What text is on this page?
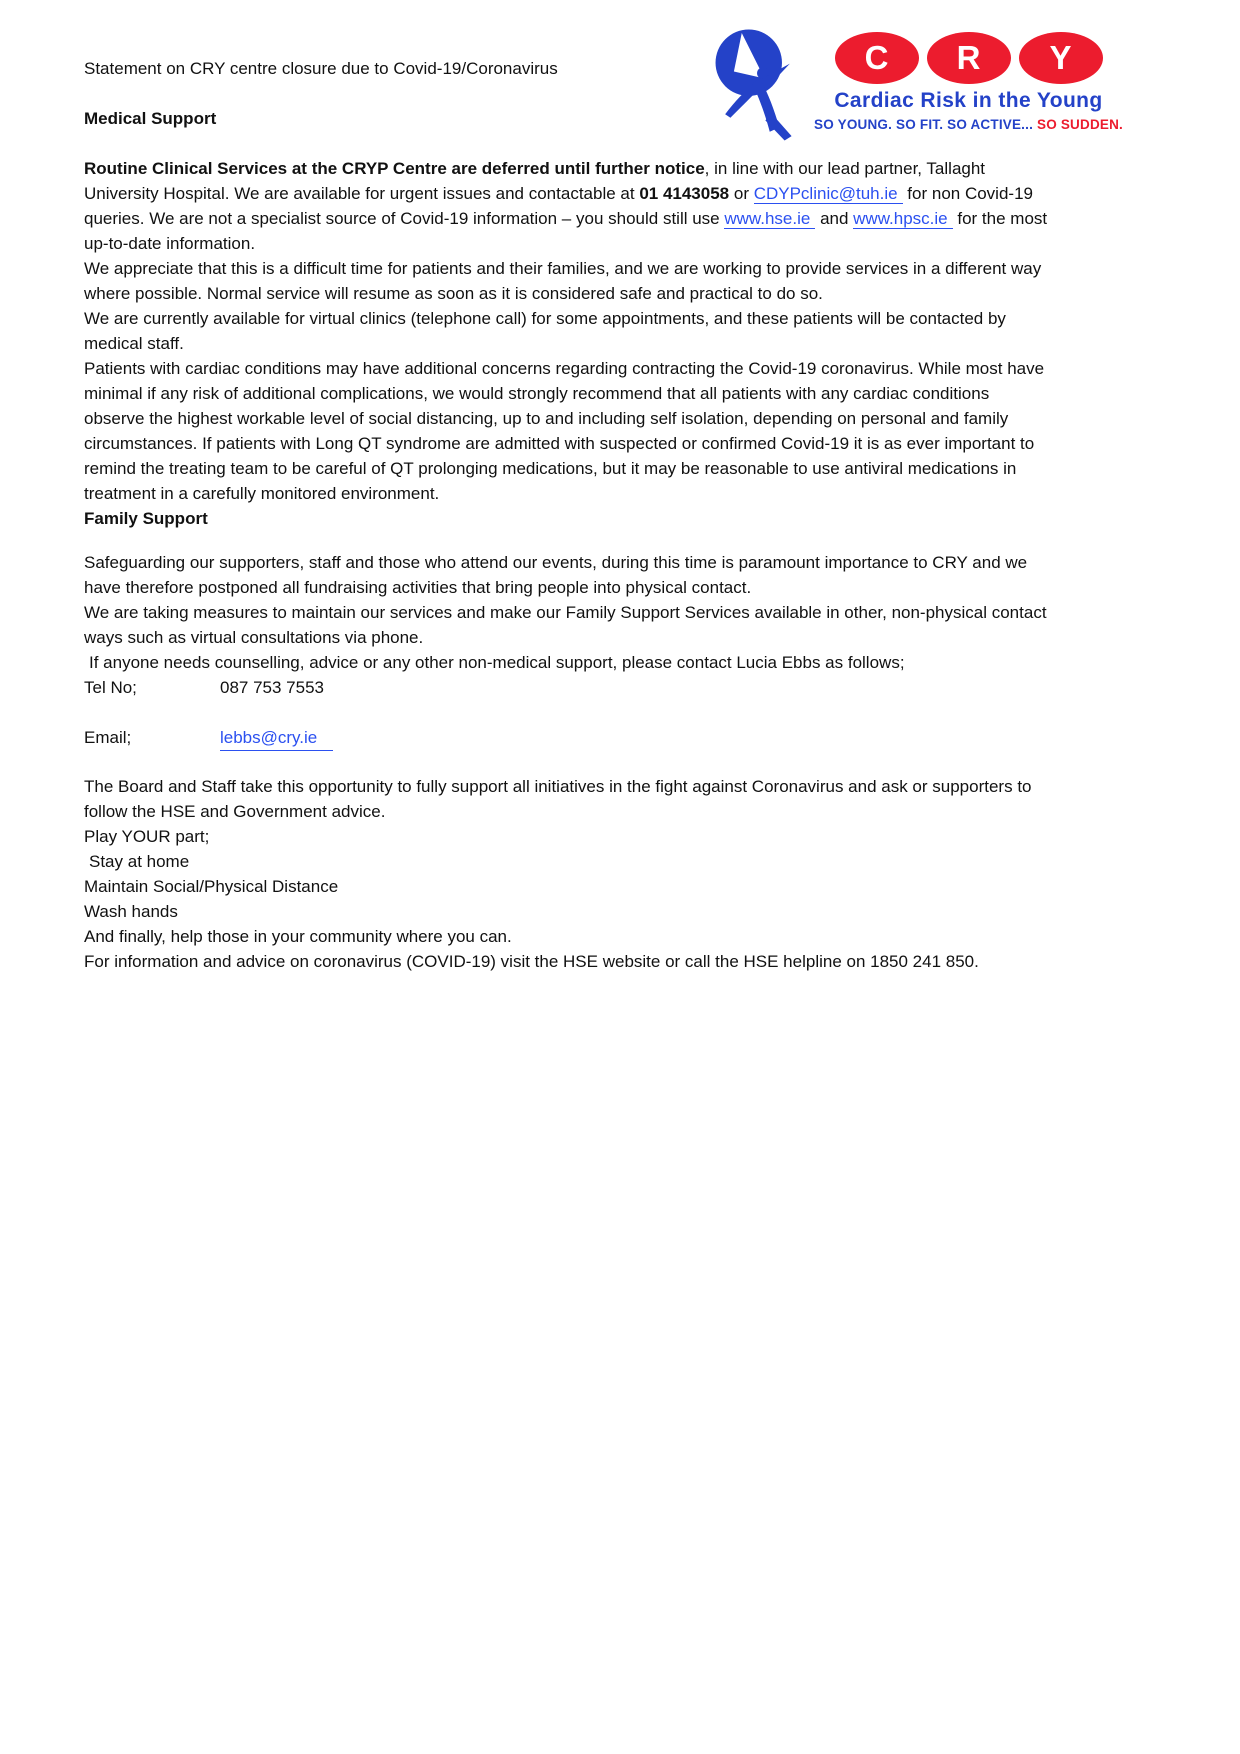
Statement on CRY centre closure due to Covid-19/Coronavirus	C	R	Y
Cardiac Risk in the Young
SO YOUNG. SO FIT. SO ACTIVE... SO SUDDEN.
Medical Support

Routine Clinical Services at the CRYP Centre are deferred until further notice, in line with our lead partner, Tallaght University Hospital. We are available for urgent issues and contactable at 01 4143058 or CDYPclinic@tuh.ie for non Covid-19 queries. We are not a specialist source of Covid-19 information – you should still use www.hse.ie and www.hpsc.ie for the most up-to-date information.

We appreciate that this is a difficult time for patients and their families, and we are working to provide services in a different way where possible. Normal service will resume as soon as it is considered safe and practical to do so.

We are currently available for virtual clinics (telephone call) for some appointments, and these patients will be contacted by medical staff.

Patients with cardiac conditions may have additional concerns regarding contracting the Covid-19 coronavirus. While most have minimal if any risk of additional complications, we would strongly recommend that all patients with any cardiac conditions observe the highest workable level of social distancing, up to and including self isolation, depending on personal and family circumstances. If patients with Long QT syndrome are admitted with suspected or confirmed Covid-19 it is as ever important to remind the treating team to be careful of QT prolonging medications, but it may be reasonable to use antiviral medications in treatment in a carefully monitored environment.

Family Support

Safeguarding our supporters, staff and those who attend our events, during this time is paramount importance to CRY and we have therefore postponed all fundraising activities that bring people into physical contact.

We are taking measures to maintain our services and make our Family Support Services available in other, non-physical contact ways such as virtual consultations via phone.

If anyone needs counselling, advice or any other non-medical support, please contact Lucia Ebbs as follows;

Tel No;	087 753 7553
Email;	lebbs@cry.ie

The Board and Staff take this opportunity to fully support all initiatives in the fight against Coronavirus and ask or supporters to follow the HSE and Government advice.

Play YOUR part;

Stay at home

Maintain Social/Physical Distance

Wash hands

And finally, help those in your community where you can.

For information and advice on coronavirus (COVID-19) visit the HSE website or call the HSE helpline on 1850 241 850.
